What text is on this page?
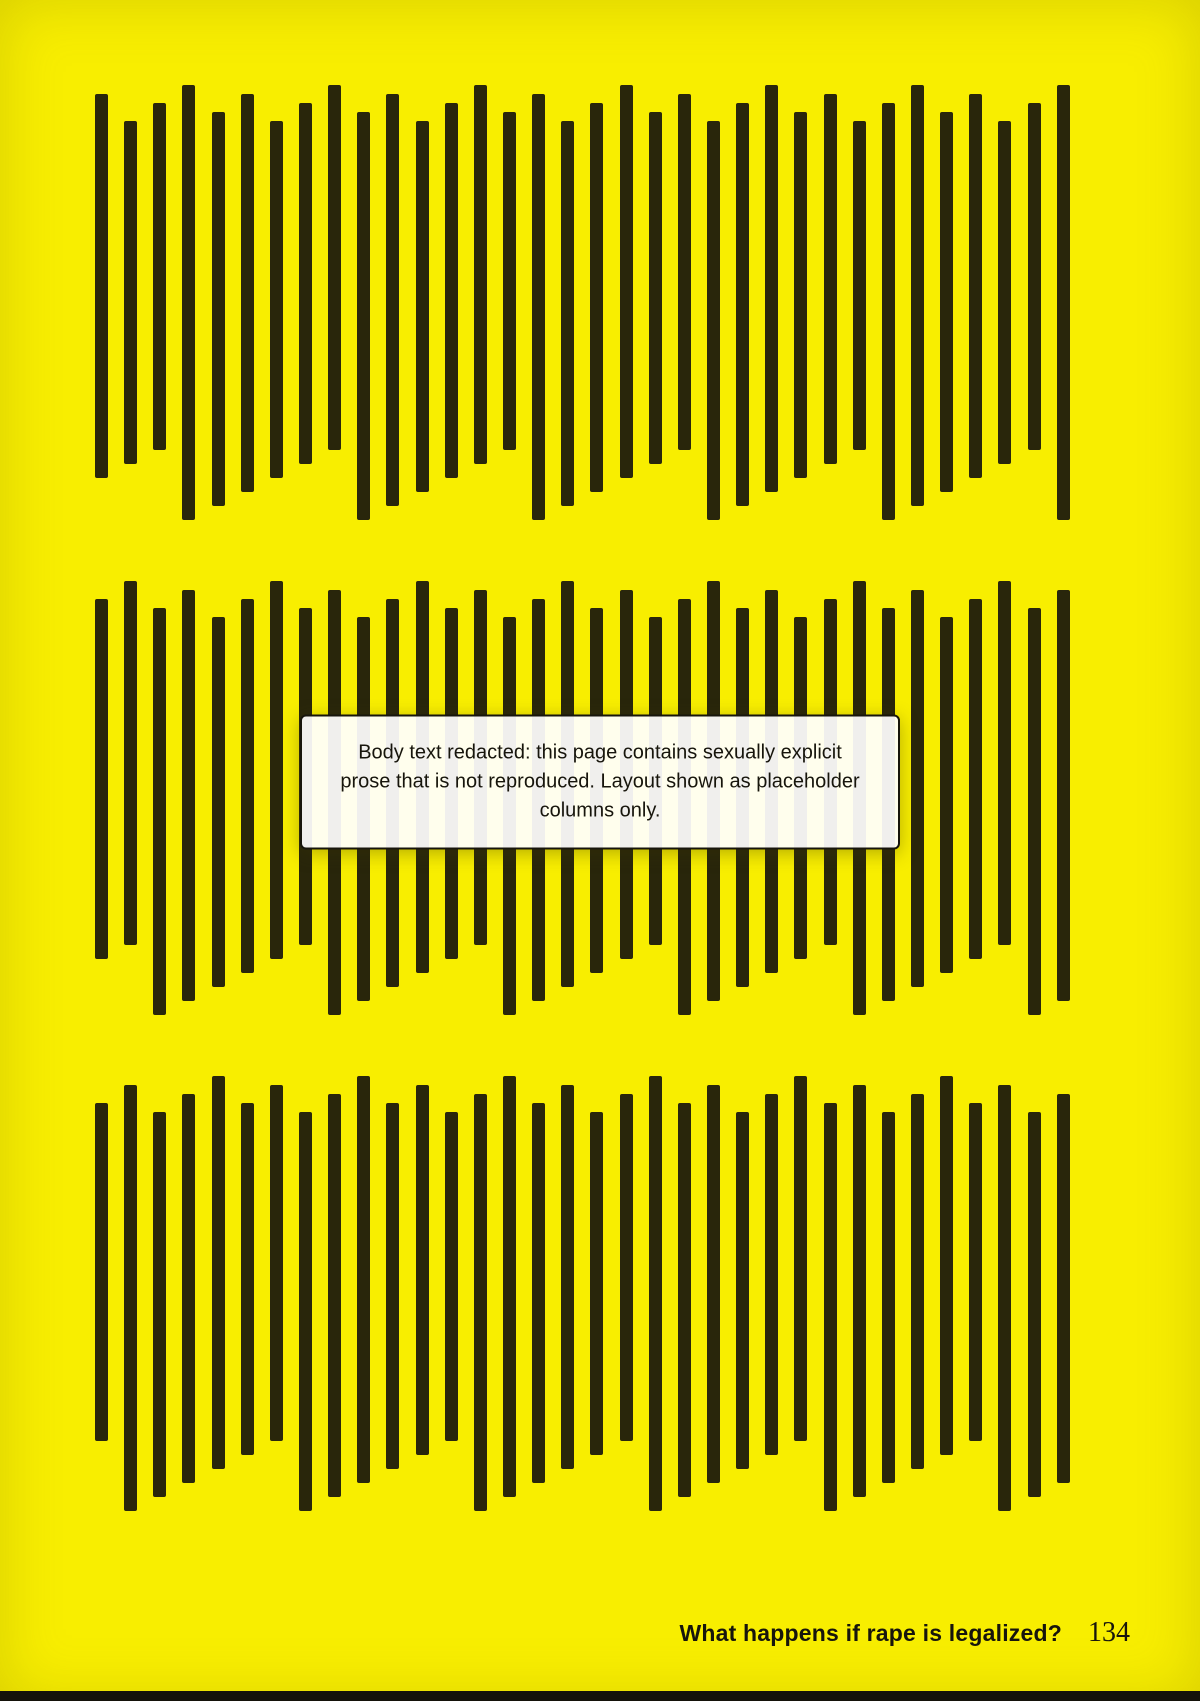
Body text redacted: this page contains sexually explicit prose that is not reproduced. Layout shown as placeholder columns only.
What happens if rape is legalized? 134
